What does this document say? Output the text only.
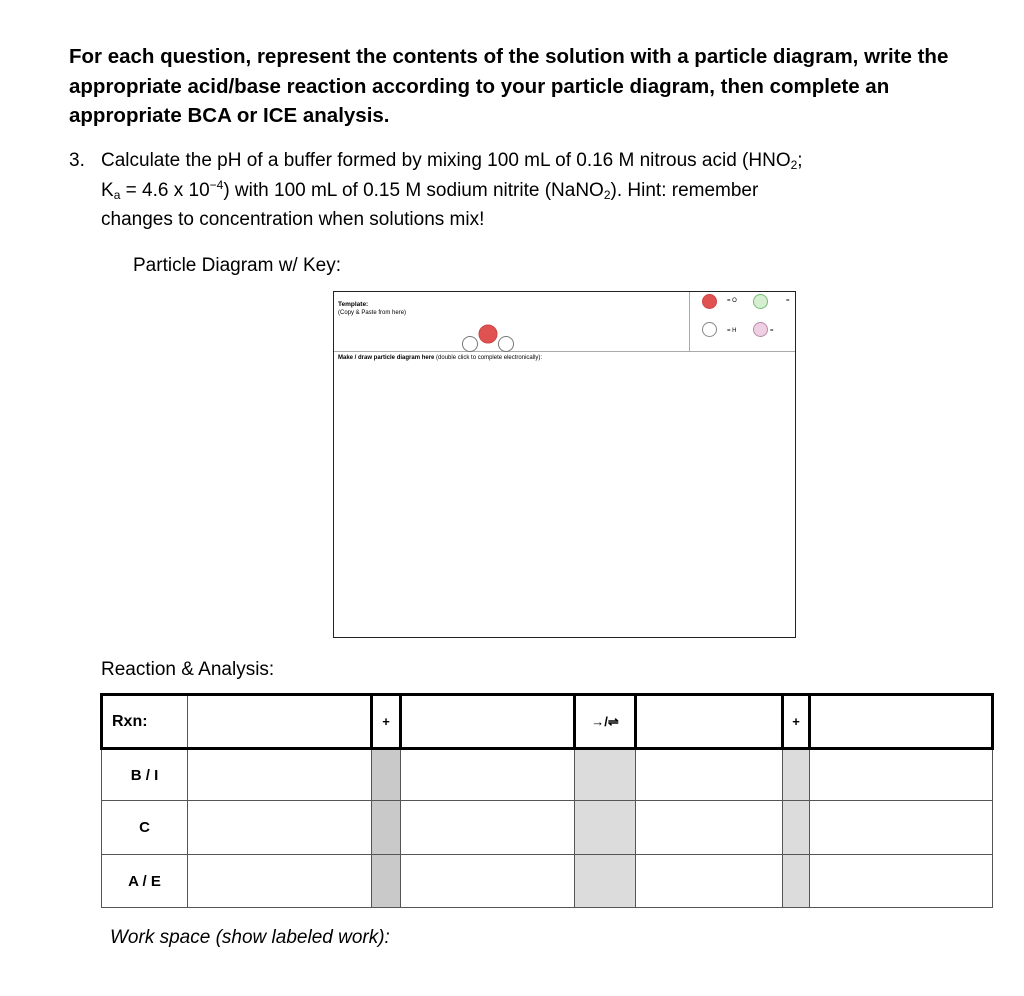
For each question, represent the contents of the solution with a particle diagram, write the appropriate acid/base reaction according to your particle diagram, then complete an appropriate BCA or ICE analysis.

3. Calculate the pH of a buffer formed by mixing 100 mL of 0.16 M nitrous acid ($HNO_2$;
$K_a = 4.6$ x $10^{-4}$) with 100 mL of 0.15 M sodium nitrite (NaNO$_2$). Hint: remember
changes to concentration when solutions mix!
Particle Diagram w/ Key:
Template:
(Copy & Paste from here)
= O	=
= H	=
Make / draw particle diagram here (double click to complete electronically):
Reaction & Analysis:
Rxn:		+		→/⇌		+	
B / I							
C							
A / E							
Work space (show labeled work):
